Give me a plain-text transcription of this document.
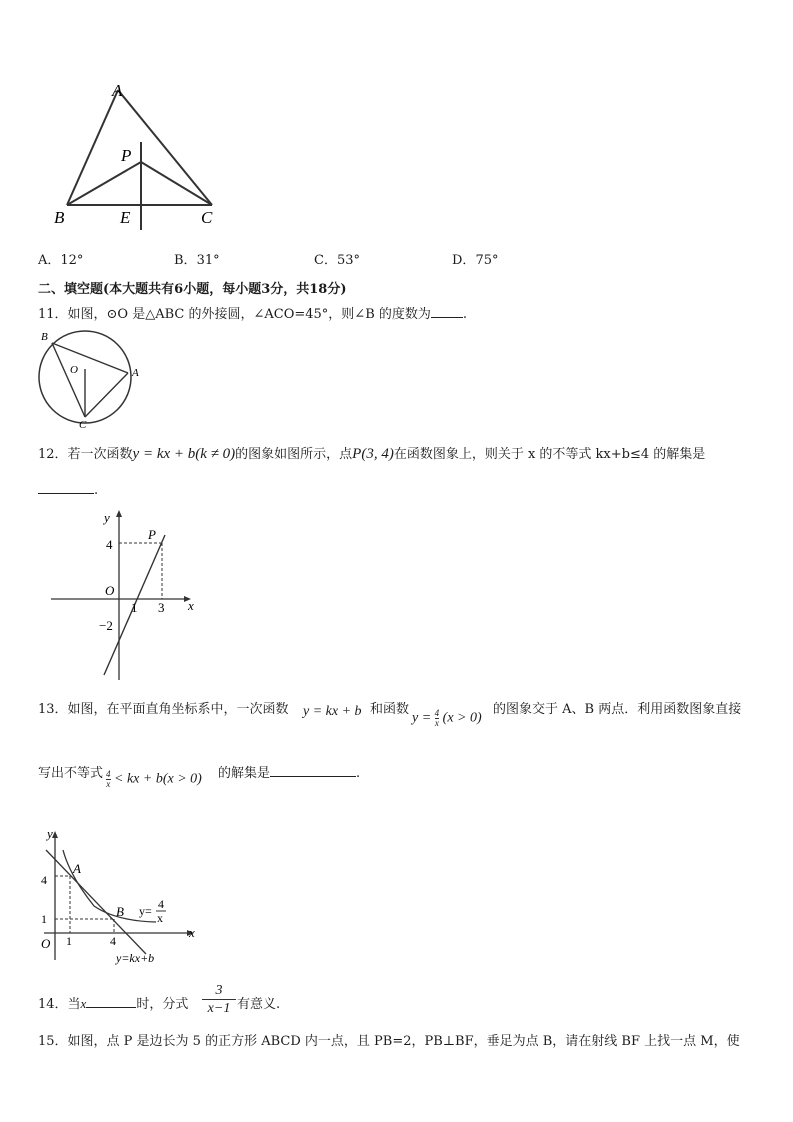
A
P
B	E	C
A．12°	B．31°	C．53°	D．75°
二、填空题(本大题共有6小题，每小题3分，共18分)
11．如图，⊙O 是△ABC 的外接圆，∠ACO=45°，则∠B 的度数为 .
B
O	A
C
12．若一次函数y = kx + b(k ≠ 0)的图象如图所示，点P(3, 4)在函数图象上，则关于 x 的不等式 kx+b≤4 的解集是
.
y
x
P
O
4
1 3
−2
13．如图，在平面直角坐标系中，一次函数 y = kx + b 和函数
$y = \frac{4}{x} (x > 0)$
的图象交于 A、B 两点．利用函数图象直接
写出不等式 $\frac{4}{x}$ < kx + b(x > 0) 的解集是	.
y
x
O
A
B
4
1
1	4
y= 4
x
y=kx+b
14．当x	时，分式
3
x−1 有意义.
15．如图，点 P 是边长为 5 的正方形 ABCD 内一点，且 PB=2，PB⊥BF，垂足为点 B，请在射线 BF 上找一点 M，使
